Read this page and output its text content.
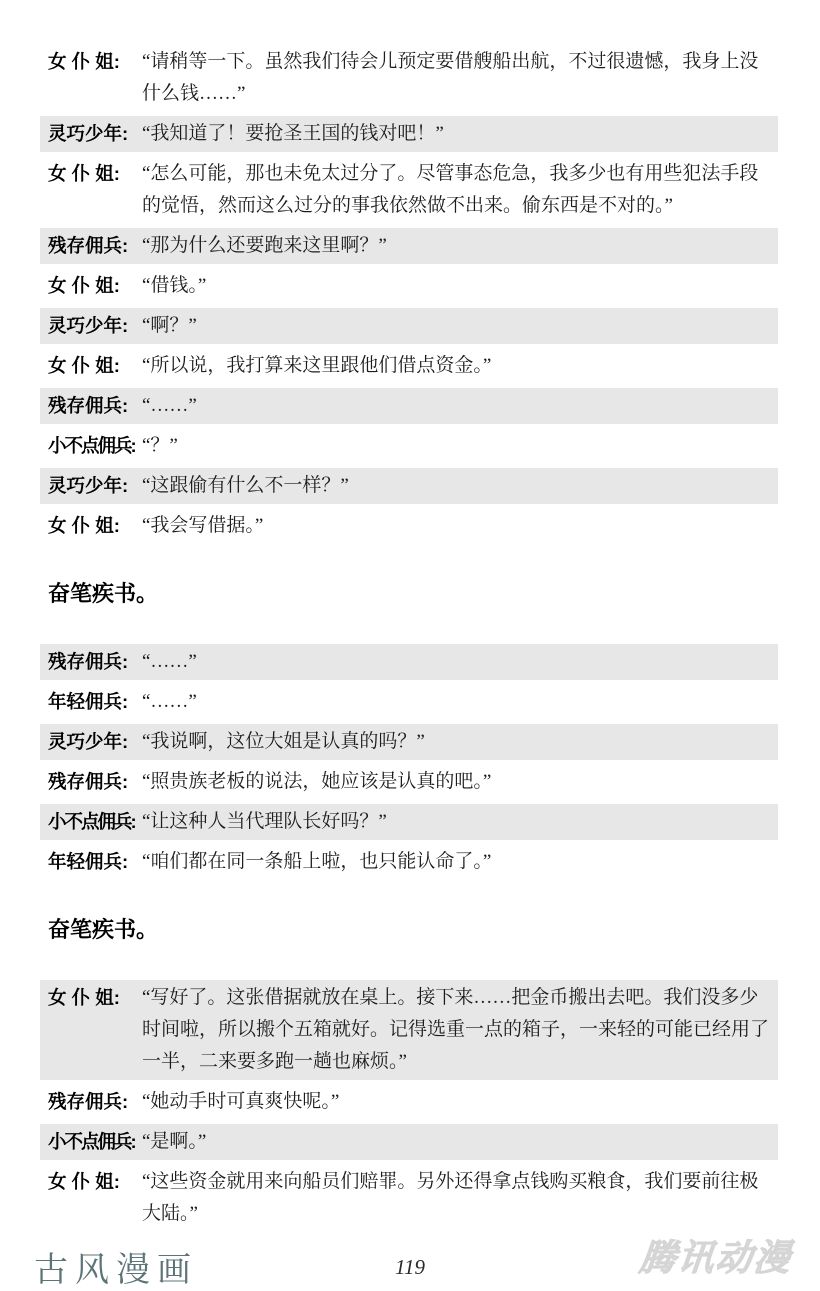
女 仆 姐:	“请稍等一下。虽然我们待会儿预定要借艘船出航，不过很遗憾，我身上没什么钱……”
灵巧少年: “我知道了！要抢圣王国的钱对吧！”
女 仆 姐:	“怎么可能，那也未免太过分了。尽管事态危急，我多少也有用些犯法手段的觉悟，然而这么过分的事我依然做不出来。偷东西是不对的。”
残存佣兵: “那为什么还要跑来这里啊？”
女 仆 姐:	“借钱。”
灵巧少年: “啊？”
女 仆 姐:	“所以说，我打算来这里跟他们借点资金。”
残存佣兵: “……”
小不点佣兵: “？”
灵巧少年: “这跟偷有什么不一样？”
女 仆 姐:	“我会写借据。”
奋笔疾书。
残存佣兵: “……”
年轻佣兵: “……”
灵巧少年: “我说啊，这位大姐是认真的吗？”
残存佣兵: “照贵族老板的说法，她应该是认真的吧。”
小不点佣兵: “让这种人当代理队长好吗？”
年轻佣兵: “咱们都在同一条船上啦，也只能认命了。”
奋笔疾书。
女 仆 姐:	“写好了。这张借据就放在桌上。接下来……把金币搬出去吧。我们没多少时间啦，所以搬个五箱就好。记得选重一点的箱子，一来轻的可能已经用了一半，二来要多跑一趟也麻烦。”
残存佣兵: “她动手时可真爽快呢。”
小不点佣兵: “是啊。”
女 仆 姐:	“这些资金就用来向船员们赔罪。另外还得拿点钱购买粮食，我们要前往极大陆。”
古风漫画	119	腾讯动漫
